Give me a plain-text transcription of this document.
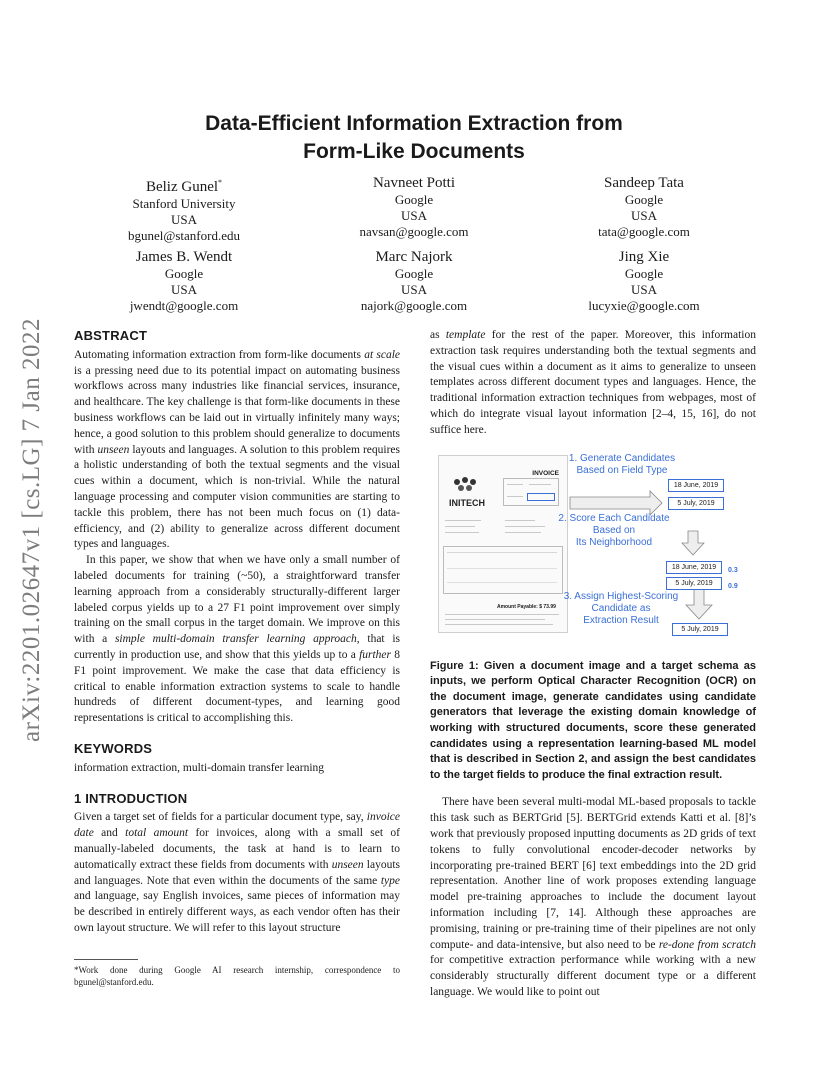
arXiv:2201.02647v1 [cs.LG] 7 Jan 2022
Data-Efficient Information Extraction from
Form-Like Documents
Beliz Gunel*
Stanford University
USA
bgunel@stanford.edu
Navneet Potti
Google
USA
navsan@google.com
Sandeep Tata
Google
USA
tata@google.com
James B. Wendt
Google
USA
jwendt@google.com
Marc Najork
Google
USA
najork@google.com
Jing Xie
Google
USA
lucyxie@google.com
ABSTRACT

Automating information extraction from form-like documents at scale is a pressing need due to its potential impact on automating business workflows across many industries like financial services, insurance, and healthcare. The key challenge is that form-like documents in these business workflows can be laid out in virtually infinitely many ways; hence, a good solution to this problem should generalize to documents with unseen layouts and languages. A solution to this problem requires a holistic understanding of both the textual segments and the visual cues within a document, which is non-trivial. While the natural language processing and computer vision communities are starting to tackle this problem, there has not been much focus on (1) data-efficiency, and (2) ability to generalize across different document types and languages.

In this paper, we show that when we have only a small number of labeled documents for training (~50), a straightforward transfer learning approach from a considerably structurally-different larger labeled corpus yields up to a 27 F1 point improvement over simply training on the small corpus in the target domain. We improve on this with a simple multi-domain transfer learning approach, that is currently in production use, and show that this yields up to a further 8 F1 point improvement. We make the case that data efficiency is critical to enable information extraction systems to scale to handle hundreds of different document-types, and learning good representations is critical to accomplishing this.

KEYWORDS

information extraction, multi-domain transfer learning

1 INTRODUCTION

Given a target set of fields for a particular document type, say, invoice date and total amount for invoices, along with a small set of manually-labeled documents, the task at hand is to learn to automatically extract these fields from documents with unseen layouts and languages. Note that even within the documents of the same type and language, say English invoices, same pieces of information may be described in entirely different ways, as each vendor often has their own layout structure. We will refer to this layout structure

*Work done during Google AI research internship, correspondence to bgunel@stanford.edu.

as template for the rest of the paper. Moreover, this information extraction task requires understanding both the textual segments and the visual cues within a document as it aims to generalize to unseen templates across different document types and languages. Hence, the traditional information extraction techniques from webpages, most of which do integrate visual layout information [2–4, 15, 16], do not suffice here.

INITECH
INVOICE
Amount Payable: $ 73.99
1. Generate Candidates
Based on Field Type
18 June, 2019
5 July, 2019
2. Score Each Candidate
Based on
Its Neighborhood
18 June, 2019	0.3
5 July, 2019	0.9
3. Assign Highest-Scoring
Candidate as
Extraction Result
5 July, 2019

Figure 1: Given a document image and a target schema as inputs, we perform Optical Character Recognition (OCR) on the document image, generate candidates using candidate generators that leverage the existing domain knowledge of working with structured documents, score these generated candidates using a representation learning-based ML model that is described in Section 2, and assign the best candidates to the target fields to produce the final extraction result.

There have been several multi-modal ML-based proposals to tackle this task such as BERTGrid [5]. BERTGrid extends Katti et al. [8]’s work that previously proposed inputting documents as 2D grids of text tokens to fully convolutional encoder-decoder networks by incorporating pre-trained BERT [6] text embeddings into the 2D grid representation. Another line of work proposes extending language model pre-training approaches to include the document layout information including [7, 14]. Although these approaches are promising, training or pre-training time of their pipelines are not only compute- and data-intensive, but also need to be re-done from scratch for competitive extraction performance while working with a new considerably structurally different document type or a different language. We would like to point out
